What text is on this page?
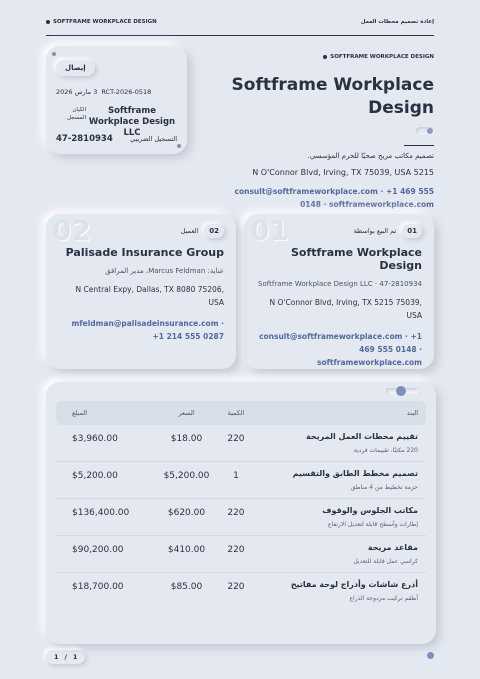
إعادة تصميم محطات العمل
SOFTFRAME WORKPLACE DESIGN
إيصال
3 مارس 2026 RCT-2026-0518
Softframe Workplace Design LLC
الكيان المسجل
التسجيل الضريبي
47-2810934
SOFTFRAME WORKPLACE DESIGN
Softframe Workplace Design
تصميم مكاتب مريح صحيًا للحرم المؤسسي.
N O'Connor Blvd, Irving, TX 75039, USA 5215
consult@softframeworkplace.com · +1 469 555 0148 · softframeworkplace.com
01	01
تم البيع بواسطة
Softframe Workplace Design
Softframe Workplace Design LLC · 47-2810934
N O'Connor Blvd, Irving, TX 5215 75039, USA
consult@softframeworkplace.com · +1 469 555 0148 · softframeworkplace.com
02	02
العميل
Palisade Insurance Group
عناية: Marcus Feldman، مدير المرافق
N Central Expy, Dallas, TX 8080 75206, USA
mfeldman@palisadeinsurance.com · +1 214 555 0287
البند	الكمية	السعر	المبلغ

تقييم محطات العمل المريحة
220 مكتبًا، تقييمات فردية	220	$18.00	$3,960.00

تصميم مخطط الطابق والتقسيم
حزمة تخطيط من 4 مناطق	1	$5,200.00	$5,200.00

مكاتب الجلوس والوقوف
إطارات وأسطح قابلة لتعديل الارتفاع	220	$620.00	$136,400.00

مقاعد مريحة
كراسي عمل قابلة للتعديل	220	$410.00	$90,200.00

أذرع شاشات وأدراج لوحة مفاتيح
أطقم تركيب مزدوجة الذراع	220	$85.00	$18,700.00
1 / 1
